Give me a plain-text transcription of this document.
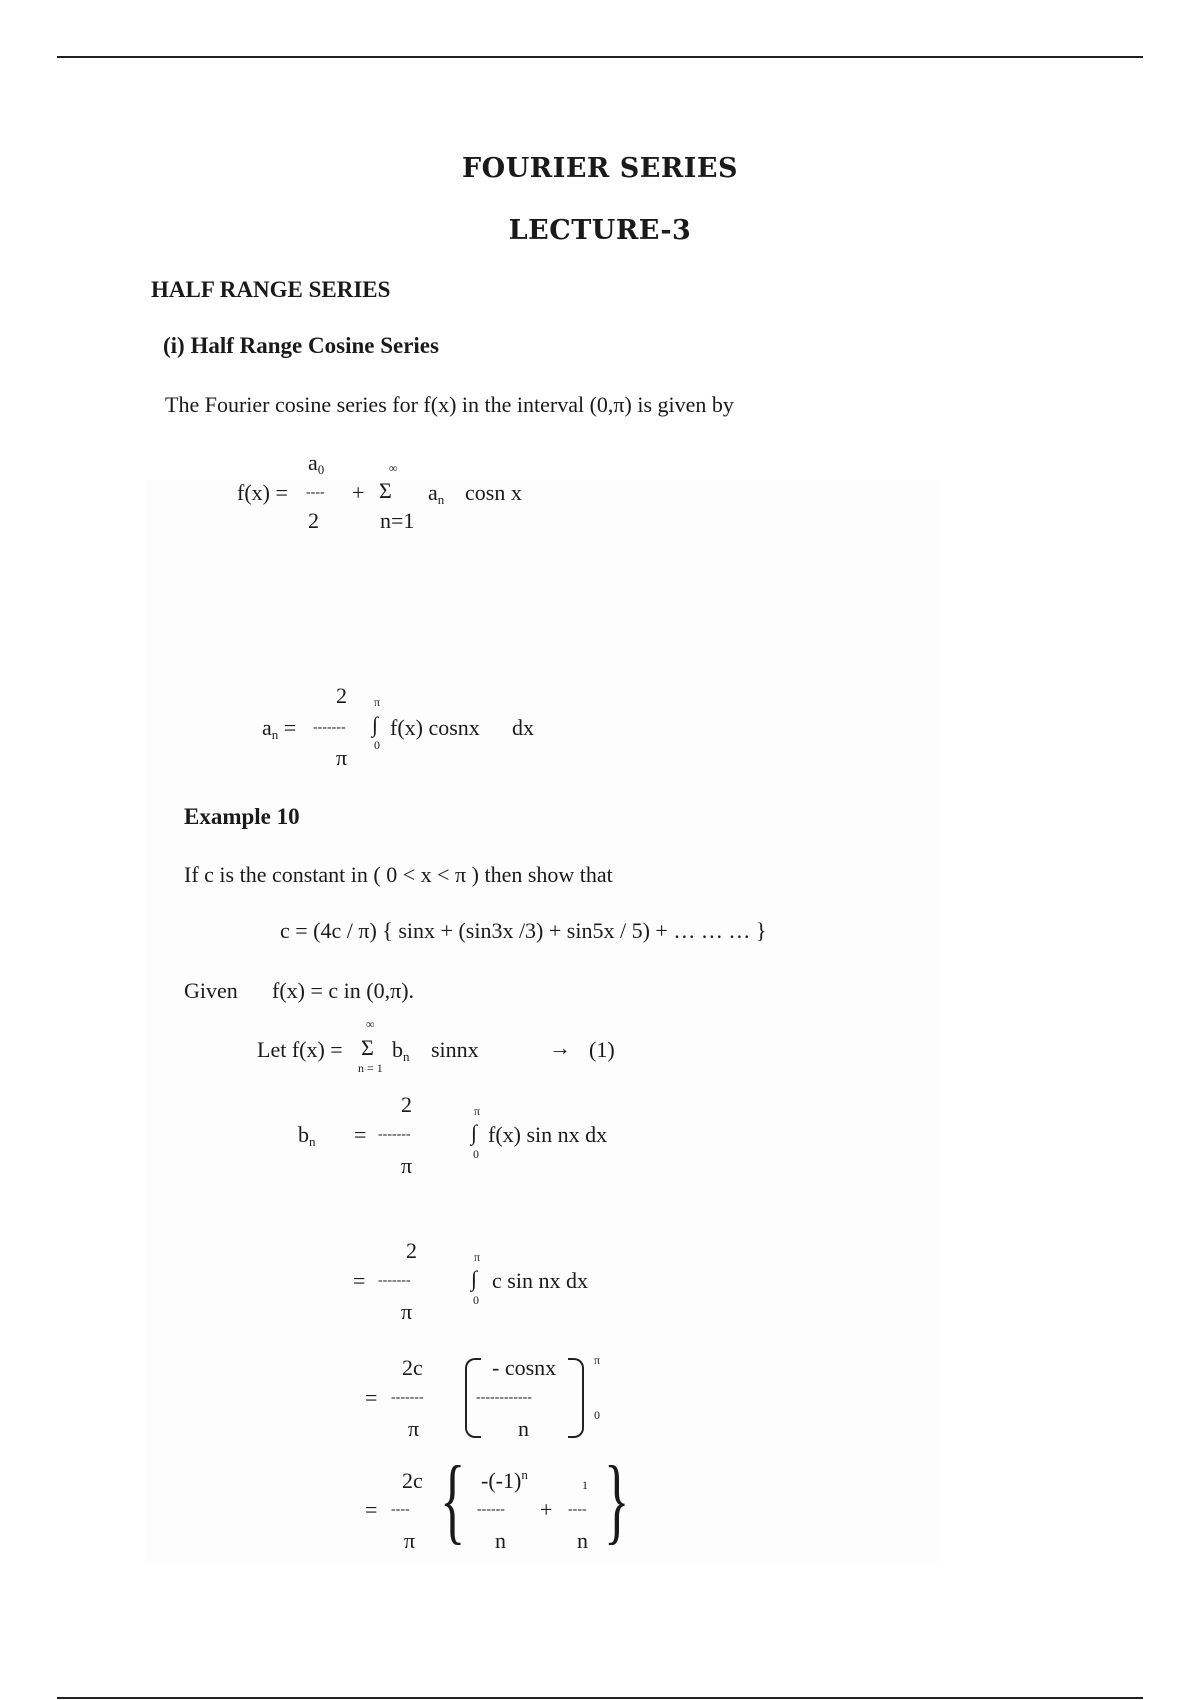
FOURIER SERIES
LECTURE-3
HALF RANGE SERIES
(i) Half Range Cosine Series
The Fourier cosine series for f(x) in the interval (0,π) is given by
f(x) =
a0
----
2
+
∞
Σ
n=1
an cosn x
an =
2
-------
π
π
∫
0
f(x) cosnx dx
Example 10
If c is the constant in ( 0 < x < π ) then show that
c = (4c / π) { sinx + (sin3x /3) + sin5x / 5) + … … … }
Given f(x) = c in (0,π).
Let f(x) =
∞
Σ
n = 1
bn sinnx	→ (1)
bn =
2
-------
π
π
∫
0
f(x) sin nx dx
=
2
-------
π
π
∫
0
c sin nx dx
=
2c
-------
π
- cosnx
------------
n
π
0
=
2c
----
π { $-(-1)^n$
------
n
+
1
----
n }
